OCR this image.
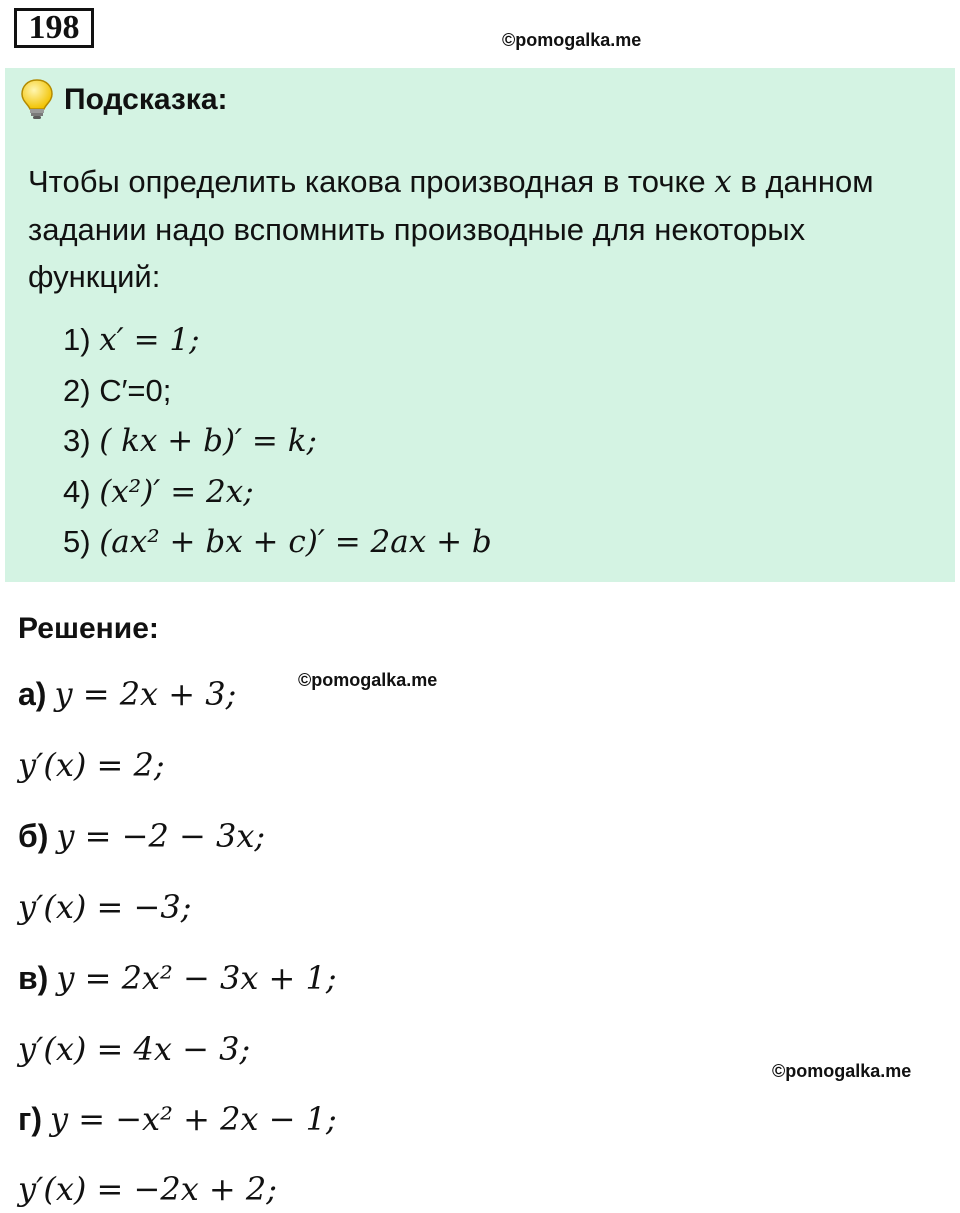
198	©pomogalka.me
Подсказка:
Чтобы определить какова производная в точке x в данном задании надо вспомнить производные для некоторых функций:
1) x′ = 1;
2) C′=0;
3) ( kx + b)′ = k;
4) (x²)′ = 2x;
5) (ax² + bx + c)′ = 2ax + b
Решение:
©pomogalka.me
а) y = 2x + 3;
y′(x) = 2;
б) y = −2 − 3x;
y′(x) = −3;
в) y = 2x² − 3x + 1;
y′(x) = 4x − 3;
©pomogalka.me
г) y = −x² + 2x − 1;
y′(x) = −2x + 2;
